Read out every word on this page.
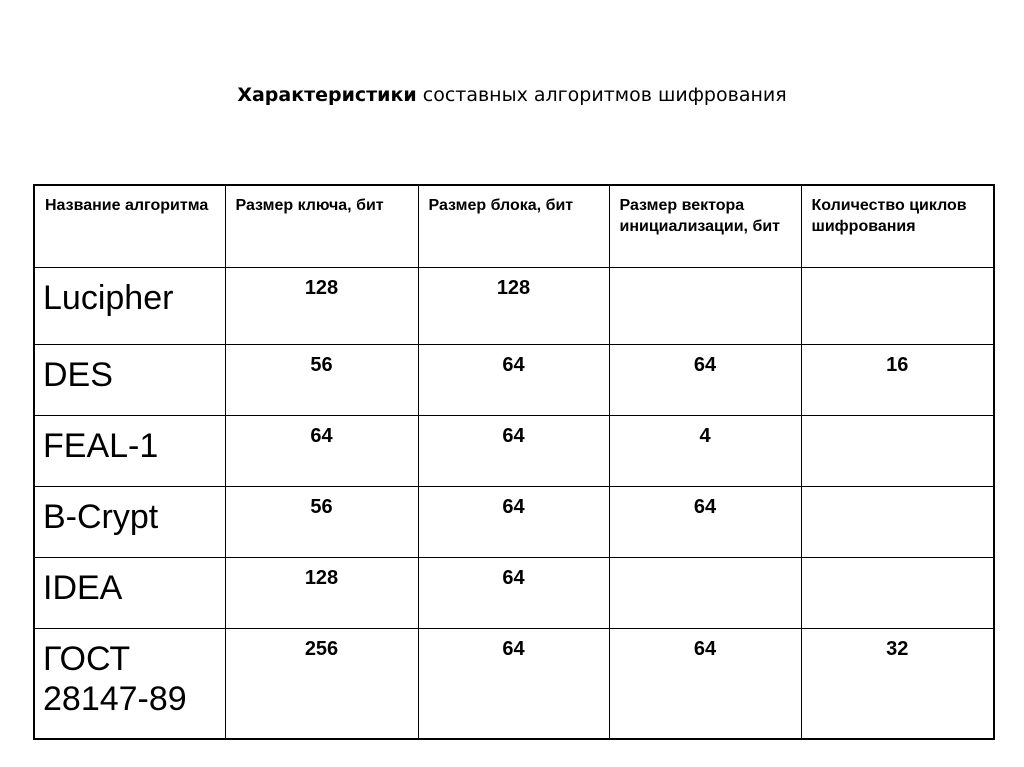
Характеристики составных алгоритмов шифрования
Название алгоритма	Размер ключа, бит	Размер блока, бит	Размер вектора инициализации, бит	Количество циклов шифрования
Lucipher	128	128		
DES	56	64	64	16
FEAL-1	64	64	4	
B-Crypt	56	64	64	
IDEA	128	64		
ГОСТ 28147-89	256	64	64	32
